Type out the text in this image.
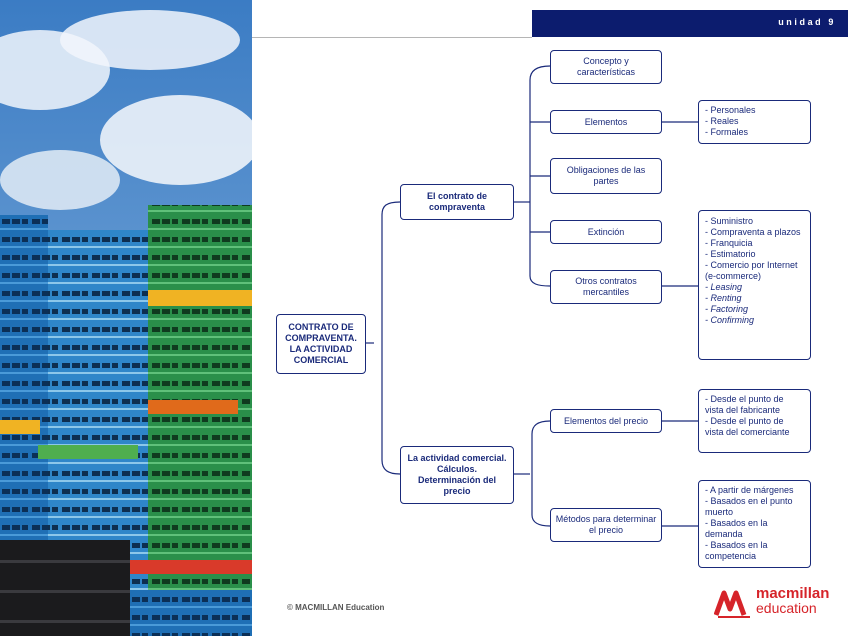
unidad 9
CONTRATO DE COMPRAVENTA. LA ACTIVIDAD COMERCIAL
El contrato de compraventa
La actividad comercial. Cálculos. Determinación del precio
Concepto y características
Elementos
Obligaciones de las partes
Extinción
Otros contratos mercantiles
Elementos del precio
Métodos para determinar el precio
- Personales
- Reales
- Formales
- Suministro
- Compraventa a plazos
- Franquicia
- Estimatorio
- Comercio por Internet (e-commerce)
- Leasing
- Renting
- Factoring
- Confirming
- Desde el punto de vista del fabricante
- Desde el punto de vista del comerciante
- A partir de márgenes
- Basados en el punto muerto
- Basados en la demanda
- Basados en la competencia
© MACMILLAN Education
macmillan
education
